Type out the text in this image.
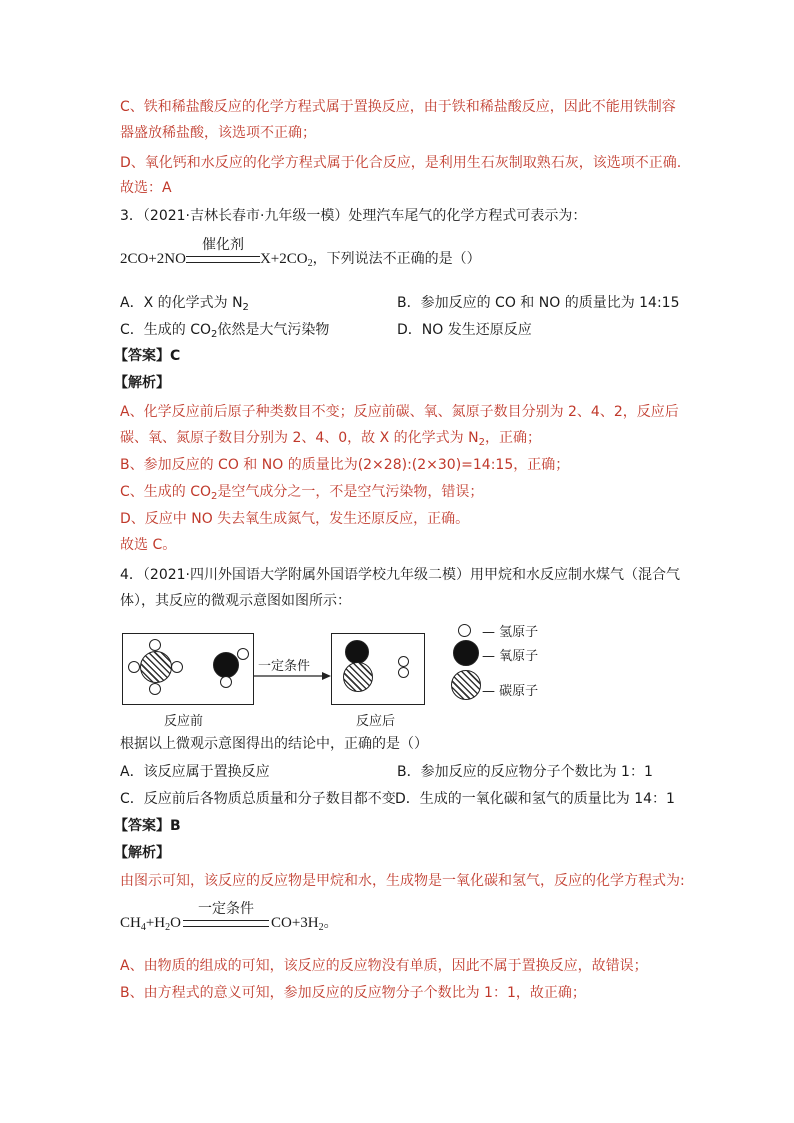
C、铁和稀盐酸反应的化学方程式属于置换反应，由于铁和稀盐酸反应，因此不能用铁制容
器盛放稀盐酸，该选项不正确；
D、氧化钙和水反应的化学方程式属于化合反应，是利用生石灰制取熟石灰，该选项不正确.
故选：A
3．（2021·吉林长春市·九年级一模）处理汽车尾气的化学方程式可表示为：
2CO+2NO
催化剂
$X+2CO_2$，下列说法不正确的是（）
A．X 的化学式为 $N_2$	B．参加反应的 CO 和 NO 的质量比为 14:15
C．生成的 $CO_2$依然是大气污染物	D．NO 发生还原反应
【答案】C
【解析】
A、化学反应前后原子种类数目不变；反应前碳、氧、氮原子数目分别为 2、4、2，反应后
碳、氧、氮原子数目分别为 2、4、0，故 X 的化学式为 $N_2$，正确；
B、参加反应的 CO 和 NO 的质量比为(2×28):(2×30)=14:15，正确；
C、生成的 $CO_2$是空气成分之一，不是空气污染物，错误；
D、反应中 NO 失去氧生成氮气，发生还原反应，正确。
故选 C。
4．（2021·四川外国语大学附属外国语学校九年级二模）用甲烷和水反应制水煤气（混合气
体），其反应的微观示意图如图所示：
一定条件
反应前	反应后
— 氢原子
— 氧原子
— 碳原子
根据以上微观示意图得出的结论中，正确的是（）
A．该反应属于置换反应	B．参加反应的反应物分子个数比为 1：1
C．反应前后各物质总质量和分子数目都不变 D．生成的一氧化碳和氢气的质量比为 14：1
【答案】B
【解析】
由图示可知，该反应的反应物是甲烷和水，生成物是一氧化碳和氢气，反应的化学方程式为:
$CH_4+H_2O$
一定条件
$CO+3H_2$。
A、由物质的组成的可知，该反应的反应物没有单质，因此不属于置换反应，故错误；
B、由方程式的意义可知，参加反应的反应物分子个数比为 1：1，故正确；
